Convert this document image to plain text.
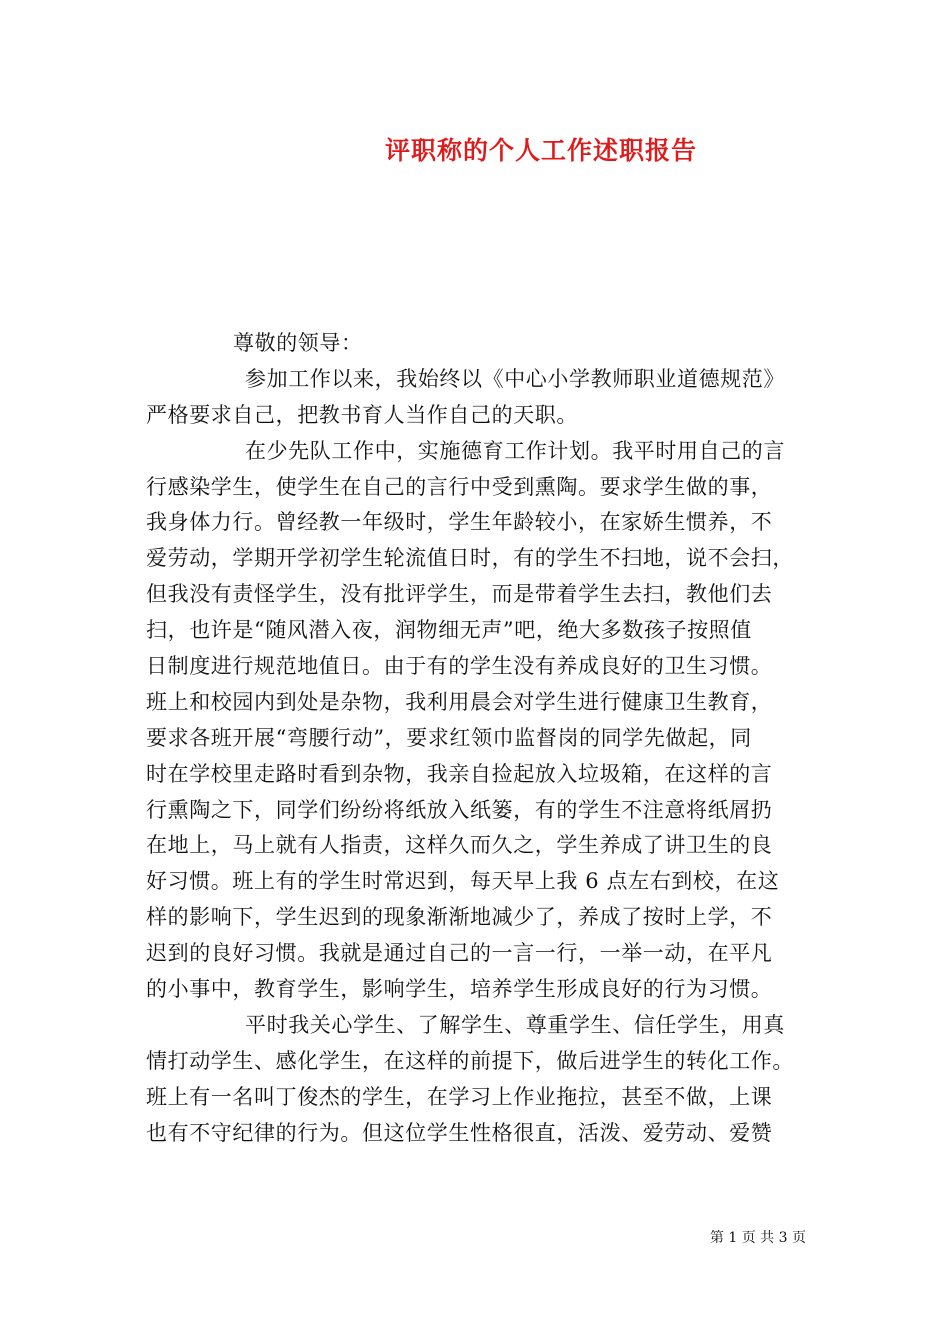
评职称的个人工作述职报告
尊敬的领导：
参加工作以来，我始终以《中心小学教师职业道德规范》
严格要求自己，把教书育人当作自己的天职。
在少先队工作中，实施德育工作计划。我平时用自己的言
行感染学生，使学生在自己的言行中受到熏陶。要求学生做的事，
我身体力行。曾经教一年级时，学生年龄较小，在家娇生惯养，不
爱劳动，学期开学初学生轮流值日时，有的学生不扫地，说不会扫，
但我没有责怪学生，没有批评学生，而是带着学生去扫，教他们去
扫，也许是“随风潜入夜，润物细无声”吧，绝大多数孩子按照值
日制度进行规范地值日。由于有的学生没有养成良好的卫生习惯。
班上和校园内到处是杂物，我利用晨会对学生进行健康卫生教育，
要求各班开展“弯腰行动”，要求红领巾监督岗的同学先做起，同
时在学校里走路时看到杂物，我亲自捡起放入垃圾箱，在这样的言
行熏陶之下，同学们纷纷将纸放入纸篓，有的学生不注意将纸屑扔
在地上，马上就有人指责，这样久而久之，学生养成了讲卫生的良
好习惯。班上有的学生时常迟到，每天早上我 6 点左右到校，在这
样的影响下，学生迟到的现象渐渐地减少了，养成了按时上学，不
迟到的良好习惯。我就是通过自己的一言一行，一举一动，在平凡
的小事中，教育学生，影响学生，培养学生形成良好的行为习惯。
平时我关心学生、了解学生、尊重学生、信任学生，用真
情打动学生、感化学生，在这样的前提下，做后进学生的转化工作。
班上有一名叫丁俊杰的学生，在学习上作业拖拉，甚至不做，上课
也有不守纪律的行为。但这位学生性格很直，活泼、爱劳动、爱赞
第 1 页 共 3 页
